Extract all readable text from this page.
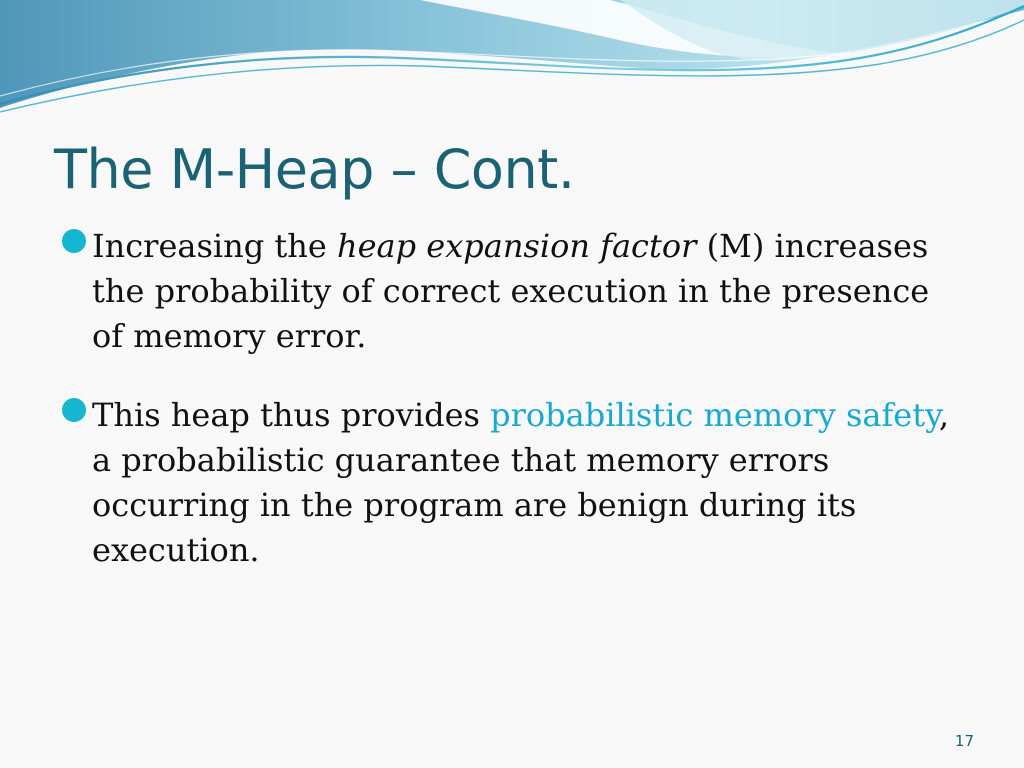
The M-Heap – Cont.
Increasing the heap expansion factor (M) increases the probability of correct execution in the presence of memory error.
This heap thus provides probabilistic memory safety, a probabilistic guarantee that memory errors occurring in the program are benign during its execution.
17
